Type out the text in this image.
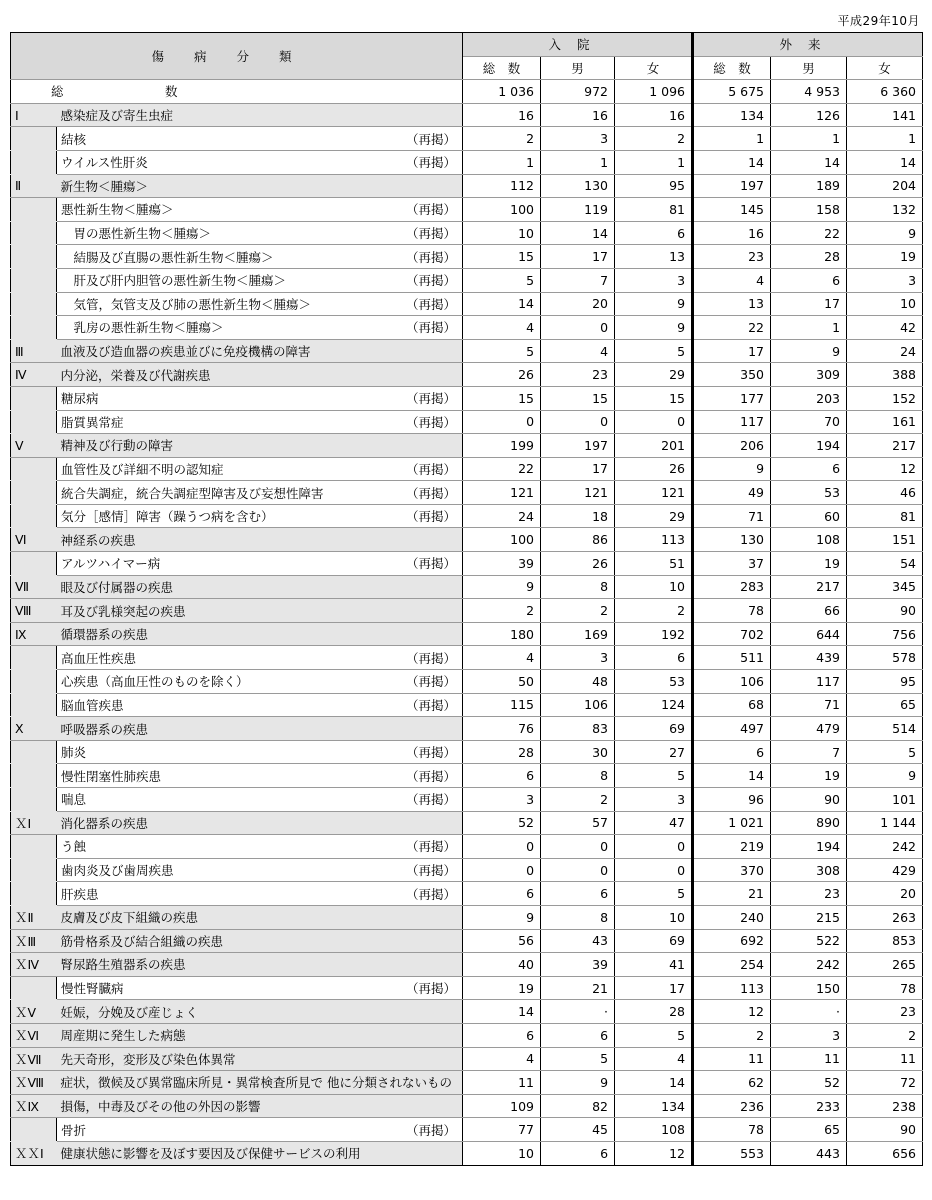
平成29年10月
傷病分類			入院			外来		
			総　数	男	女	総　数	男	女
総　　　数			1 036	972	1 096	5 675	4 953	6 360
Ⅰ	感染症及び寄生虫症		16	16	16	134	126	141
	結核	（再掲）	2	3	2	1	1	1
	ウイルス性肝炎	（再掲）	1	1	1	14	14	14
Ⅱ	新生物＜腫瘍＞		112	130	95	197	189	204
	悪性新生物＜腫瘍＞	（再掲）	100	119	81	145	158	132
	　胃の悪性新生物＜腫瘍＞	（再掲）	10	14	6	16	22	9
	　結腸及び直腸の悪性新生物＜腫瘍＞	（再掲）	15	17	13	23	28	19
	　肝及び肝内胆管の悪性新生物＜腫瘍＞	（再掲）	5	7	3	4	6	3
	　気管，気管支及び肺の悪性新生物＜腫瘍＞	（再掲）	14	20	9	13	17	10
	　乳房の悪性新生物＜腫瘍＞	（再掲）	4	0	9	22	1	42
Ⅲ	血液及び造血器の疾患並びに免疫機構の障害		5	4	5	17	9	24
Ⅳ	内分泌，栄養及び代謝疾患		26	23	29	350	309	388
	糖尿病	（再掲）	15	15	15	177	203	152
	脂質異常症	（再掲）	0	0	0	117	70	161
Ⅴ	精神及び行動の障害		199	197	201	206	194	217
	血管性及び詳細不明の認知症	（再掲）	22	17	26	9	6	12
	統合失調症，統合失調症型障害及び妄想性障害	（再掲）	121	121	121	49	53	46
	気分［感情］障害（躁うつ病を含む）	（再掲）	24	18	29	71	60	81
Ⅵ	神経系の疾患		100	86	113	130	108	151
	アルツハイマー病	（再掲）	39	26	51	37	19	54
Ⅶ	眼及び付属器の疾患		9	8	10	283	217	345
Ⅷ	耳及び乳様突起の疾患		2	2	2	78	66	90
Ⅸ	循環器系の疾患		180	169	192	702	644	756
	高血圧性疾患	（再掲）	4	3	6	511	439	578
	心疾患（高血圧性のものを除く）	（再掲）	50	48	53	106	117	95
	脳血管疾患	（再掲）	115	106	124	68	71	65
Ⅹ	呼吸器系の疾患		76	83	69	497	479	514
	肺炎	（再掲）	28	30	27	6	7	5
	慢性閉塞性肺疾患	（再掲）	6	8	5	14	19	9
	喘息	（再掲）	3	2	3	96	90	101
ＸⅠ	消化器系の疾患		52	57	47	1 021	890	1 144
	う蝕	（再掲）	0	0	0	219	194	242
	歯肉炎及び歯周疾患	（再掲）	0	0	0	370	308	429
	肝疾患	（再掲）	6	6	5	21	23	20
ＸⅡ	皮膚及び皮下組織の疾患		9	8	10	240	215	263
ＸⅢ	筋骨格系及び結合組織の疾患		56	43	69	692	522	853
ＸⅣ	腎尿路生殖器系の疾患		40	39	41	254	242	265
	慢性腎臓病	（再掲）	19	21	17	113	150	78
ＸⅤ	妊娠，分娩及び産じょく		14	·	28	12	·	23
ＸⅥ	周産期に発生した病態		6	6	5	2	3	2
ＸⅦ	先天奇形，変形及び染色体異常		4	5	4	11	11	11
ＸⅧ	症状，徴候及び異常臨床所見・異常検査所見で 他に分類されないもの		11	9	14	62	52	72
ＸⅨ	損傷，中毒及びその他の外因の影響		109	82	134	236	233	238
	骨折	（再掲）	77	45	108	78	65	90
ＸＸⅠ	健康状態に影響を及ぼす要因及び保健サービスの利用		10	6	12	553	443	656
